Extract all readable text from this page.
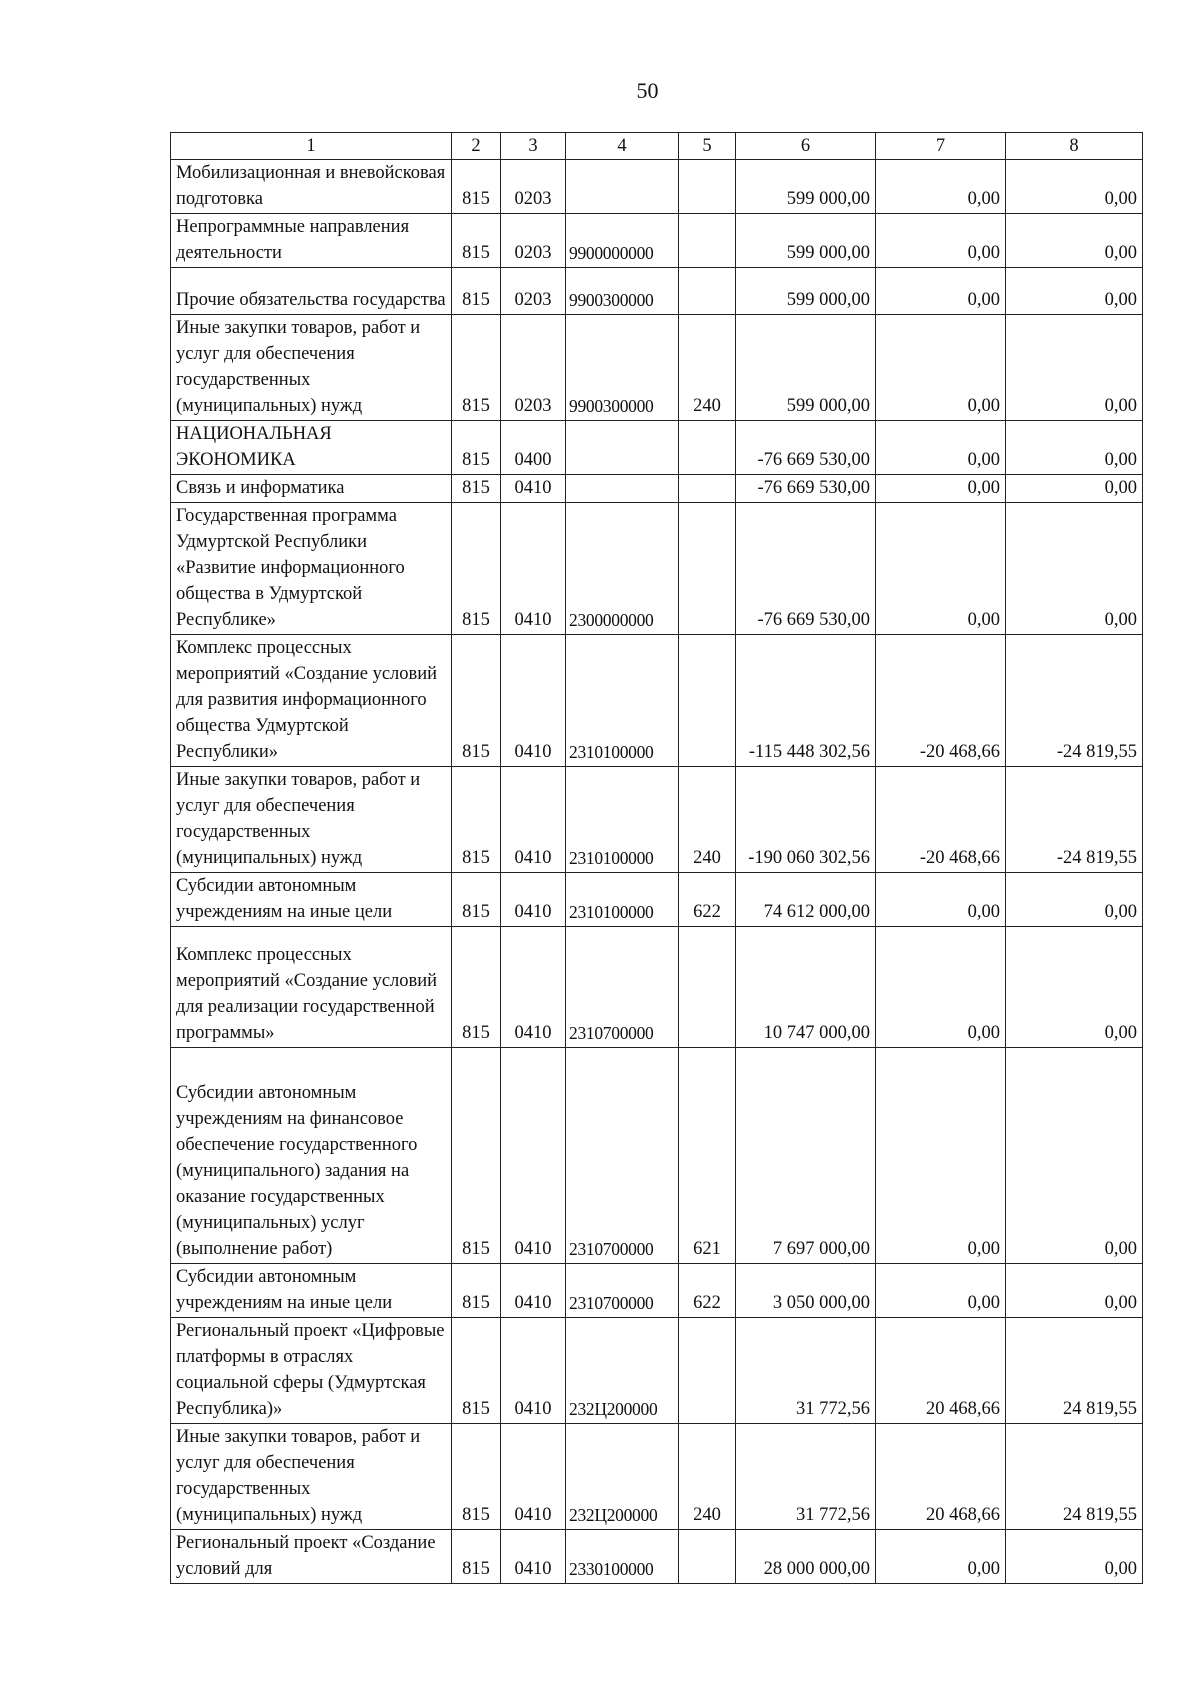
50
1	2	3	4	5	6	7	8
Мобилизационная и вневойсковая подготовка	815	0203			599 000,00	0,00	0,00
Непрограммные направления деятельности	815	0203	9900000000		599 000,00	0,00	0,00
Прочие обязательства государства	815	0203	9900300000		599 000,00	0,00	0,00
Иные закупки товаров, работ и услуг для обеспечения государственных (муниципальных) нужд	815	0203	9900300000	240	599 000,00	0,00	0,00
НАЦИОНАЛЬНАЯ ЭКОНОМИКА	815	0400			-76 669 530,00	0,00	0,00
Связь и информатика	815	0410			-76 669 530,00	0,00	0,00
Государственная программа Удмуртской Республики «Развитие информационного общества в Удмуртской Республике»	815	0410	2300000000		-76 669 530,00	0,00	0,00
Комплекс процессных мероприятий «Создание условий для развития информационного общества Удмуртской Республики»	815	0410	2310100000		-115 448 302,56	-20 468,66	-24 819,55
Иные закупки товаров, работ и услуг для обеспечения государственных (муниципальных) нужд	815	0410	2310100000	240	-190 060 302,56	-20 468,66	-24 819,55
Субсидии автономным учреждениям на иные цели	815	0410	2310100000	622	74 612 000,00	0,00	0,00
Комплекс процессных мероприятий «Создание условий для реализации государственной программы»	815	0410	2310700000		10 747 000,00	0,00	0,00
Субсидии автономным учреждениям на финансовое обеспечение государственного (муниципального) задания на оказание государственных (муниципальных) услуг (выполнение работ)	815	0410	2310700000	621	7 697 000,00	0,00	0,00
Субсидии автономным учреждениям на иные цели	815	0410	2310700000	622	3 050 000,00	0,00	0,00
Региональный проект «Цифровые платформы в отраслях социальной сферы (Удмуртская Республика)»	815	0410	232Ц200000		31 772,56	20 468,66	24 819,55
Иные закупки товаров, работ и услуг для обеспечения государственных (муниципальных) нужд	815	0410	232Ц200000	240	31 772,56	20 468,66	24 819,55
Региональный проект «Создание условий для	815	0410	2330100000		28 000 000,00	0,00	0,00
